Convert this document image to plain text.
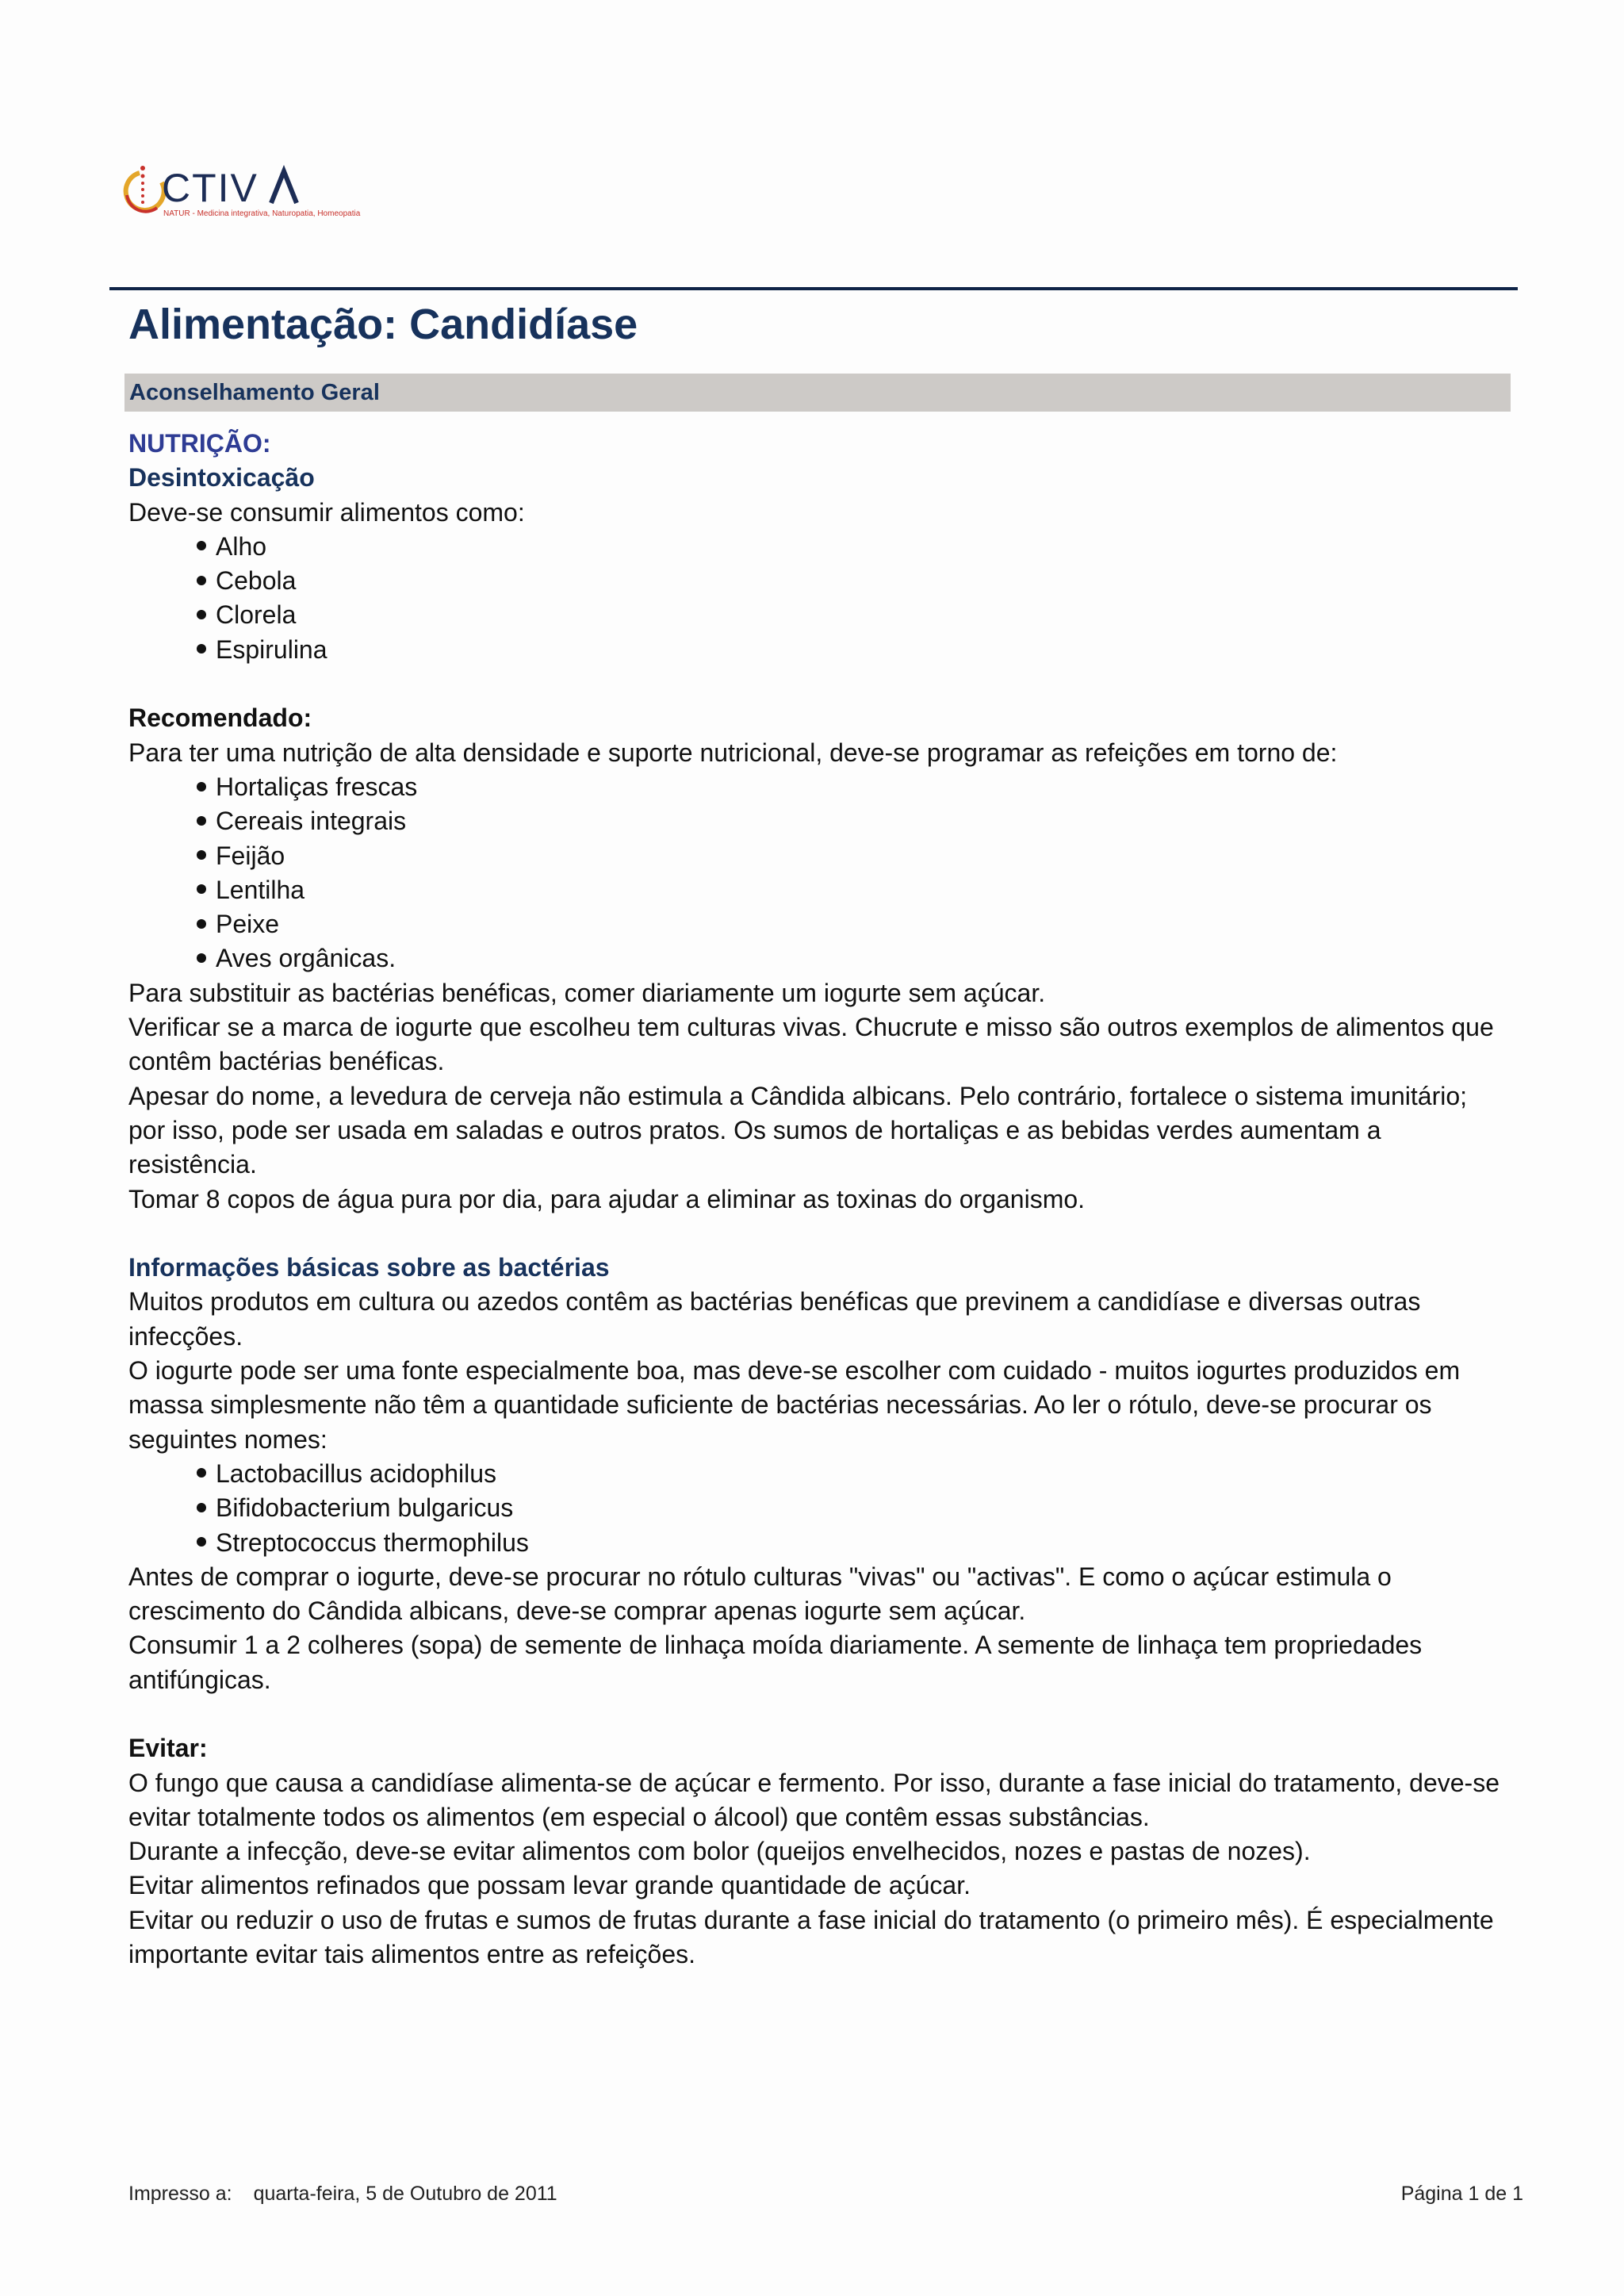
CTIV
NATUR - Medicina integrativa, Naturopatia, Homeopatia
Alimentação: Candidíase
Aconselhamento Geral

NUTRIÇÃO:

Desintoxicação

Deve-se consumir alimentos como:

Alho
Cebola
Clorela
Espirulina

Recomendado:

Para ter uma nutrição de alta densidade e suporte nutricional, deve-se programar as refeições em torno de:

Hortaliças frescas
Cereais integrais
Feijão
Lentilha
Peixe
Aves orgânicas.

Para substituir as bactérias benéficas, comer diariamente um iogurte sem açúcar.

Verificar se a marca de iogurte que escolheu tem culturas vivas. Chucrute e misso são outros exemplos de alimentos que contêm bactérias benéficas.

Apesar do nome, a levedura de cerveja não estimula a Cândida albicans. Pelo contrário, fortalece o sistema imunitário; por isso, pode ser usada em saladas e outros pratos. Os sumos de hortaliças e as bebidas verdes aumentam a resistência.

Tomar 8 copos de água pura por dia, para ajudar a eliminar as toxinas do organismo.

Informações básicas sobre as bactérias

Muitos produtos em cultura ou azedos contêm as bactérias benéficas que previnem a candidíase e diversas outras infecções.

O iogurte pode ser uma fonte especialmente boa, mas deve-se escolher com cuidado - muitos iogurtes produzidos em massa simplesmente não têm a quantidade suficiente de bactérias necessárias. Ao ler o rótulo, deve-se procurar os seguintes nomes:

Lactobacillus acidophilus
Bifidobacterium bulgaricus
Streptococcus thermophilus

Antes de comprar o iogurte, deve-se procurar no rótulo culturas "vivas" ou "activas". E como o açúcar estimula o crescimento do Cândida albicans, deve-se comprar apenas iogurte sem açúcar.

Consumir 1 a 2 colheres (sopa) de semente de linhaça moída diariamente. A semente de linhaça tem propriedades antifúngicas.

Evitar:

O fungo que causa a candidíase alimenta-se de açúcar e fermento. Por isso, durante a fase inicial do tratamento, deve-se evitar totalmente todos os alimentos (em especial o álcool) que contêm essas substâncias.

Durante a infecção, deve-se evitar alimentos com bolor (queijos envelhecidos, nozes e pastas de nozes).

Evitar alimentos refinados que possam levar grande quantidade de açúcar.

Evitar ou reduzir o uso de frutas e sumos de frutas durante a fase inicial do tratamento (o primeiro mês). É especialmente importante evitar tais alimentos entre as refeições.

Impresso a: quarta-feira, 5 de Outubro de 2011	Página 1 de 1
